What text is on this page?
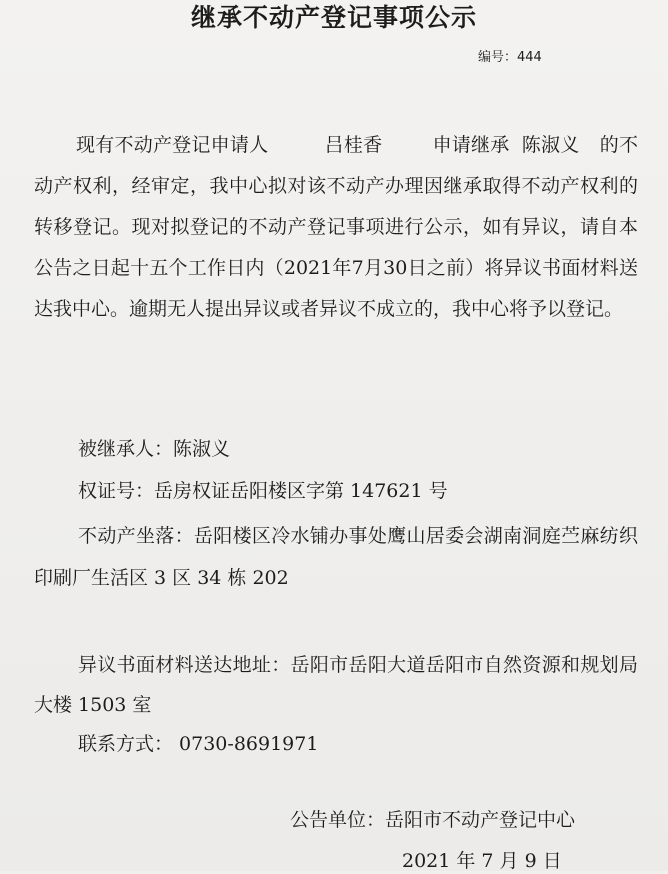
继承不动产登记事项公示
编号：444

现有不动产登记申请人	吕桂香	申请继承 陈淑义 的不动产权利，经审定，我中心拟对该不动产办理因继承取得不动产权利的转移登记。现对拟登记的不动产登记事项进行公示，如有异议，请自本公告之日起十五个工作日内（2021年7月30日之前）将异议书面材料送达我中心。逾期无人提出异议或者异议不成立的，我中心将予以登记。

被继承人：陈淑义

权证号：岳房权证岳阳楼区字第 147621 号

不动产坐落：岳阳楼区冷水铺办事处鹰山居委会湖南洞庭苎麻纺织印刷厂生活区 3 区 34 栋 202

异议书面材料送达地址：岳阳市岳阳大道岳阳市自然资源和规划局大楼 1503 室

联系方式： 0730-8691971

公告单位：岳阳市不动产登记中心

2021 年 7 月 9 日
